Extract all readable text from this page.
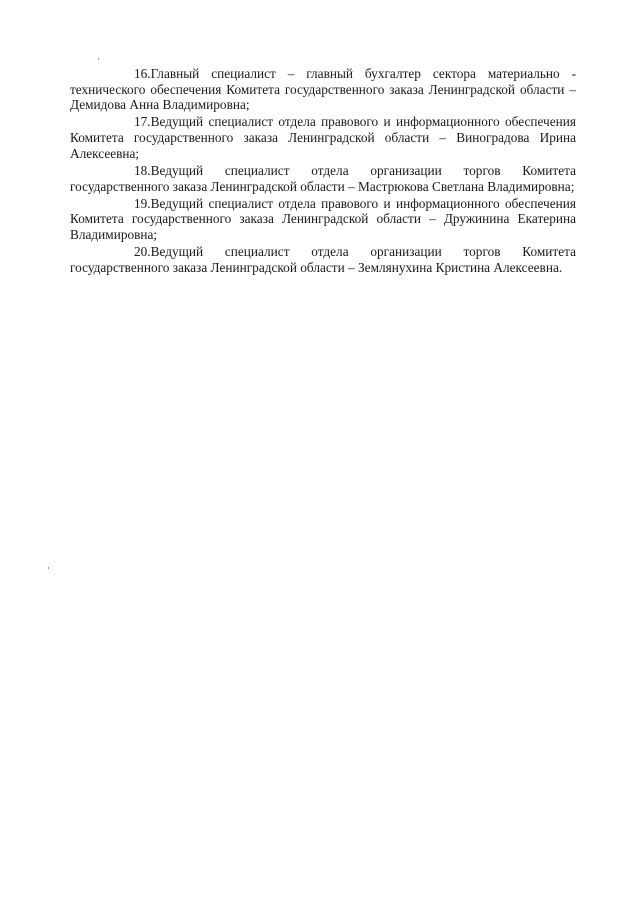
16.Главный специалист – главный бухгалтер сектора материально - технического обеспечения Комитета государственного заказа Ленинградской области – Демидова Анна Владимировна;

17.Ведущий специалист отдела правового и информационного обеспечения Комитета государственного заказа Ленинградской области – Виноградова Ирина Алексеевна;

18.Ведущий специалист отдела организации торгов Комитета государственного заказа Ленинградской области – Мастрюкова Светлана Владимировна;

19.Ведущий специалист отдела правового и информационного обеспечения Комитета государственного заказа Ленинградской области – Дружинина Екатерина Владимировна;

20.Ведущий специалист отдела организации торгов Комитета государственного заказа Ленинградской области – Землянухина Кристина Алексеевна.
